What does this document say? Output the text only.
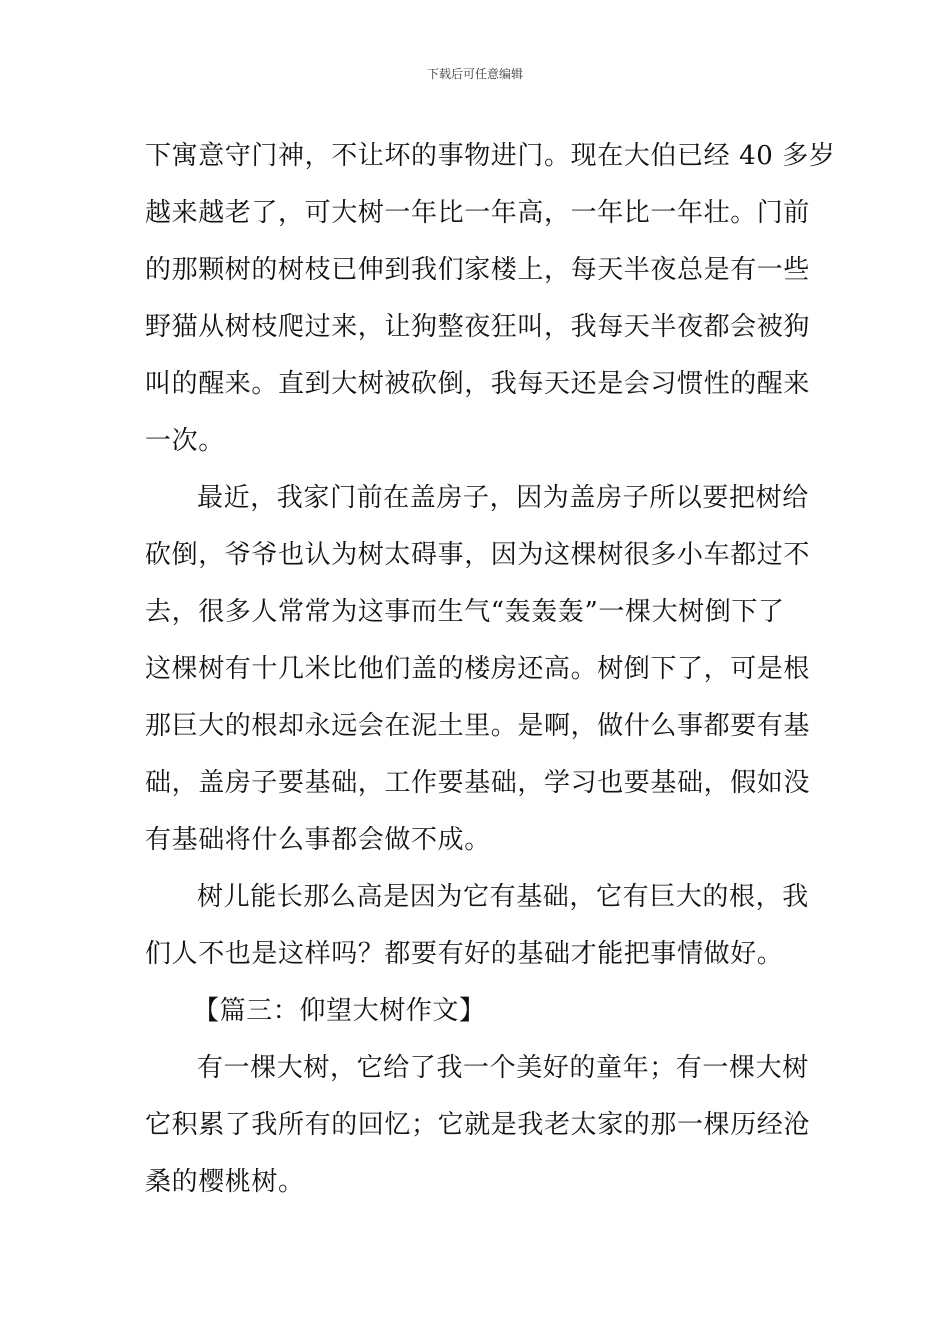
下载后可任意编辑
下寓意守门神，不让坏的事物进门。现在大伯已经 40 多岁
越来越老了，可大树一年比一年高，一年比一年壮。门前
的那颗树的树枝已伸到我们家楼上，每天半夜总是有一些
野猫从树枝爬过来，让狗整夜狂叫，我每天半夜都会被狗
叫的醒来。直到大树被砍倒，我每天还是会习惯性的醒来
一次。
最近，我家门前在盖房子，因为盖房子所以要把树给
砍倒，爷爷也认为树太碍事，因为这棵树很多小车都过不
去，很多人常常为这事而生气“轰轰轰”一棵大树倒下了
这棵树有十几米比他们盖的楼房还高。树倒下了，可是根
那巨大的根却永远会在泥土里。是啊，做什么事都要有基
础，盖房子要基础，工作要基础，学习也要基础，假如没
有基础将什么事都会做不成。
树儿能长那么高是因为它有基础，它有巨大的根，我
们人不也是这样吗？都要有好的基础才能把事情做好。
【篇三：仰望大树作文】
有一棵大树，它给了我一个美好的童年；有一棵大树
它积累了我所有的回忆；它就是我老太家的那一棵历经沧
桑的樱桃树。
